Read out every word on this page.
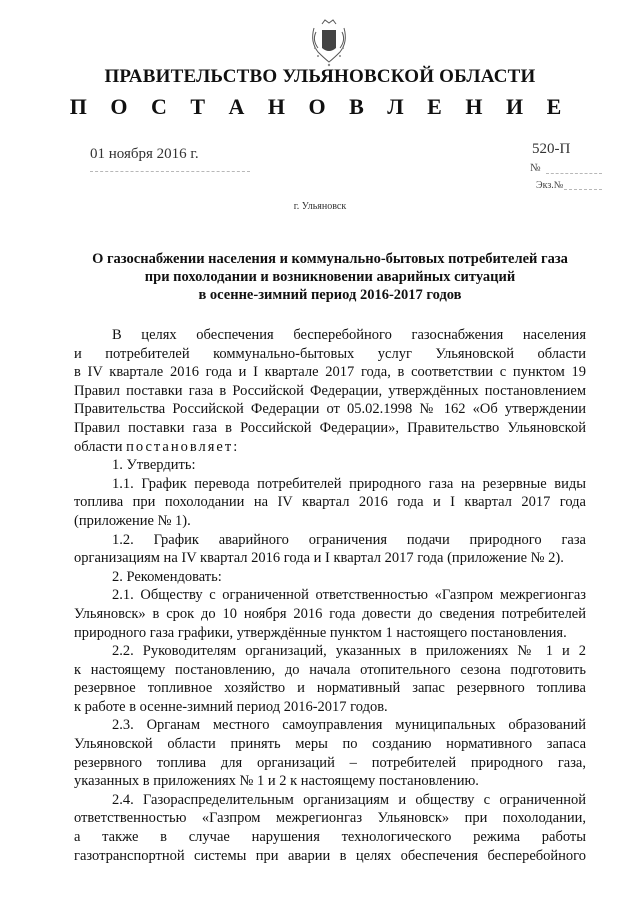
ПРАВИТЕЛЬСТВО УЛЬЯНОВСКОЙ ОБЛАСТИ
П О С Т А Н О В Л Е Н И Е
01 ноября 2016 г.	520-П
№
Экз.№
г. Ульяновск
О газоснабжении населения и коммунально-бытовых потребителей газа
при похолодании и возникновении аварийных ситуаций
в осенне-зимний период 2016-2017 годов
В целях обеспечения бесперебойного газоснабжения населения
и потребителей коммунально-бытовых услуг Ульяновской области
в IV квартале 2016 года и I квартале 2017 года, в соответствии с пунктом 19
Правил поставки газа в Российской Федерации, утверждённых постановлением
Правительства Российской Федерации от 05.02.1998 № 162 «Об утверждении
Правил поставки газа в Российской Федерации», Правительство Ульяновской
области постановляет:
1. Утвердить:
1.1. График перевода потребителей природного газа на резервные виды
топлива при похолодании на IV квартал 2016 года и I квартал 2017 года
(приложение № 1).
1.2. График аварийного ограничения подачи природного газа
организациям на IV квартал 2016 года и I квартал 2017 года (приложение № 2).
2. Рекомендовать:
2.1. Обществу с ограниченной ответственностью «Газпром межрегионгаз
Ульяновск» в срок до 10 ноября 2016 года довести до сведения потребителей
природного газа графики, утверждённые пунктом 1 настоящего постановления.
2.2. Руководителям организаций, указанных в приложениях № 1 и 2
к настоящему постановлению, до начала отопительного сезона подготовить
резервное топливное хозяйство и нормативный запас резервного топлива
к работе в осенне-зимний период 2016-2017 годов.
2.3. Органам местного самоуправления муниципальных образований
Ульяновской области принять меры по созданию нормативного запаса
резервного топлива для организаций – потребителей природного газа,
указанных в приложениях № 1 и 2 к настоящему постановлению.
2.4. Газораспределительным организациям и обществу с ограниченной
ответственностью «Газпром межрегионгаз Ульяновск» при похолодании,
а также в случае нарушения технологического режима работы
газотранспортной системы при аварии в целях обеспечения бесперебойного
